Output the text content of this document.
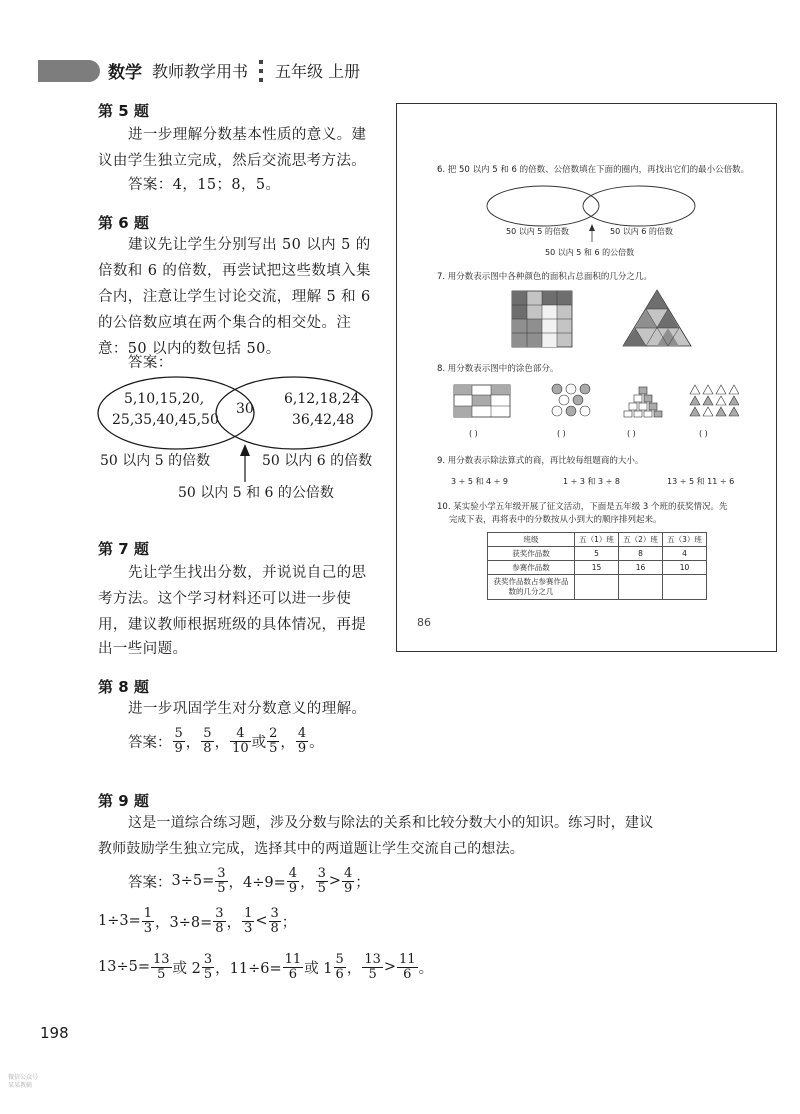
数学 教师教学用书 五年级 上册
第 5 题
进一步理解分数基本性质的意义。建
议由学生独立完成，然后交流思考方法。
答案：4，15；8，5。
第 6 题
建议先让学生分别写出 50 以内 5 的
倍数和 6 的倍数，再尝试把这些数填入集
合内，注意让学生讨论交流，理解 5 和 6
的公倍数应填在两个集合的相交处。注
意：50 以内的数包括 50。
答案：
5,10,15,20,
25,35,40,45,50
30
6,12,18,24
36,42,48
50 以内 5 的倍数	50 以内 6 的倍数
50 以内 5 和 6 的公倍数
第 7 题
先让学生找出分数，并说说自己的思
考方法。这个学习材料还可以进一步使
用，建议教师根据班级的具体情况，再提
出一些问题。
6. 把 50 以内 5 和 6 的倍数、公倍数填在下面的圈内，再找出它们的最小公倍数。
50 以内 5 的倍数	50 以内 6 的倍数
50 以内 5 和 6 的公倍数
7. 用分数表示图中各种颜色的面积占总面积的几分之几。
8. 用分数表示图中的涂色部分。
( )	( )	( )	( )
9. 用分数表示除法算式的商，再比较每组题商的大小。
3 ÷ 5 和 4 ÷ 9	1 ÷ 3 和 3 ÷ 8	13 ÷ 5 和 11 ÷ 6
10. 某实验小学五年级开展了征文活动，下面是五年级 3 个班的获奖情况。先
完成下表，再将表中的分数按从小到大的顺序排列起来。
班级	五（1）班	五（2）班	五（3）班
获奖作品数	5	8	4
参赛作品数	15	16	10
获奖作品数占参赛作品数的几分之几			
86
第 8 题
进一步巩固学生对分数意义的理解。
答案： $\frac{5}{9}$ ， $\frac{5}{8}$ ， $\frac{4}{10}$ 或 $\frac{2}{5}$ ， $\frac{4}{9}$ 。
第 9 题
这是一道综合练习题，涉及分数与除法的关系和比较分数大小的知识。练习时，建议
教师鼓励学生独立完成，选择其中的两道题让学生交流自己的想法。
答案： $3\div 5= \frac{3}{5}$ ，$4\div 9= \frac{4}{9}$ ， $\frac{3}{5} > \frac{4}{9}$ ；
$1\div 3= \frac{1}{3}$ ，$3\div 8= \frac{3}{8}$ ， $\frac{1}{3} < \frac{3}{8}$ ；
$13\div 5= \frac{13}{5}$ 或 $2 \frac{3}{5}$ ，$11\div 6= \frac{11}{6}$ 或 $1 \frac{5}{6}$ ， $\frac{13}{5} > \frac{11}{6}$ 。
198
微信公众号
某某教辅
